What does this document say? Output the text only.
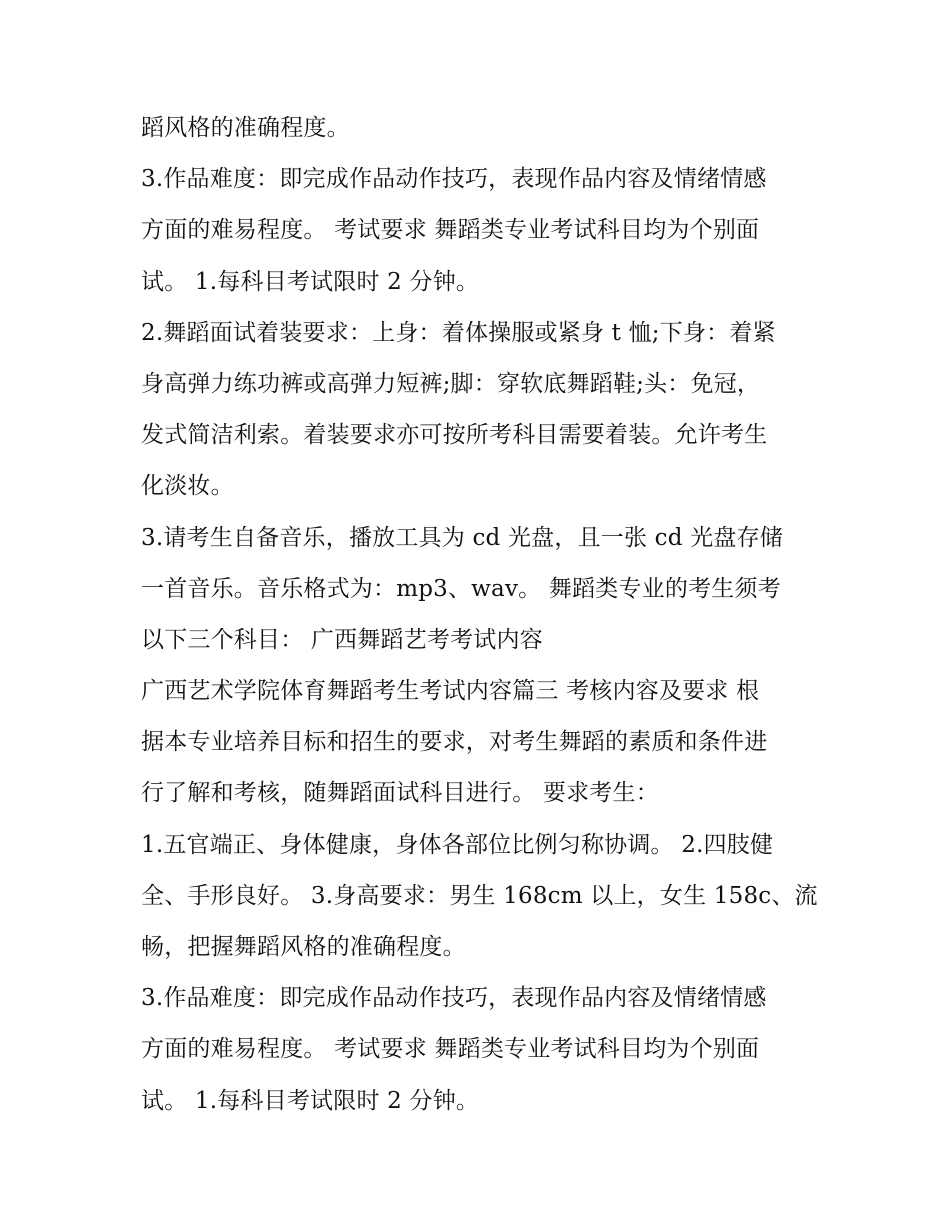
蹈风格的准确程度。
3.作品难度：即完成作品动作技巧，表现作品内容及情绪情感
方面的难易程度。 考试要求 舞蹈类专业考试科目均为个别面
试。 1.每科目考试限时 2 分钟。
2.舞蹈面试着装要求：上身：着体操服或紧身 t 恤;下身：着紧
身高弹力练功裤或高弹力短裤;脚：穿软底舞蹈鞋;头：免冠，
发式简洁利索。着装要求亦可按所考科目需要着装。允许考生
化淡妆。
3.请考生自备音乐，播放工具为 cd 光盘，且一张 cd 光盘存储
一首音乐。音乐格式为：mp3、wav。 舞蹈类专业的考生须考
以下三个科目： 广西舞蹈艺考考试内容
广西艺术学院体育舞蹈考生考试内容篇三 考核内容及要求 根
据本专业培养目标和招生的要求，对考生舞蹈的素质和条件进
行了解和考核，随舞蹈面试科目进行。 要求考生：
1.五官端正、身体健康，身体各部位比例匀称协调。 2.四肢健
全、手形良好。 3.身高要求：男生 168cm 以上，女生 158c、流
畅，把握舞蹈风格的准确程度。
3.作品难度：即完成作品动作技巧，表现作品内容及情绪情感
方面的难易程度。 考试要求 舞蹈类专业考试科目均为个别面
试。 1.每科目考试限时 2 分钟。
